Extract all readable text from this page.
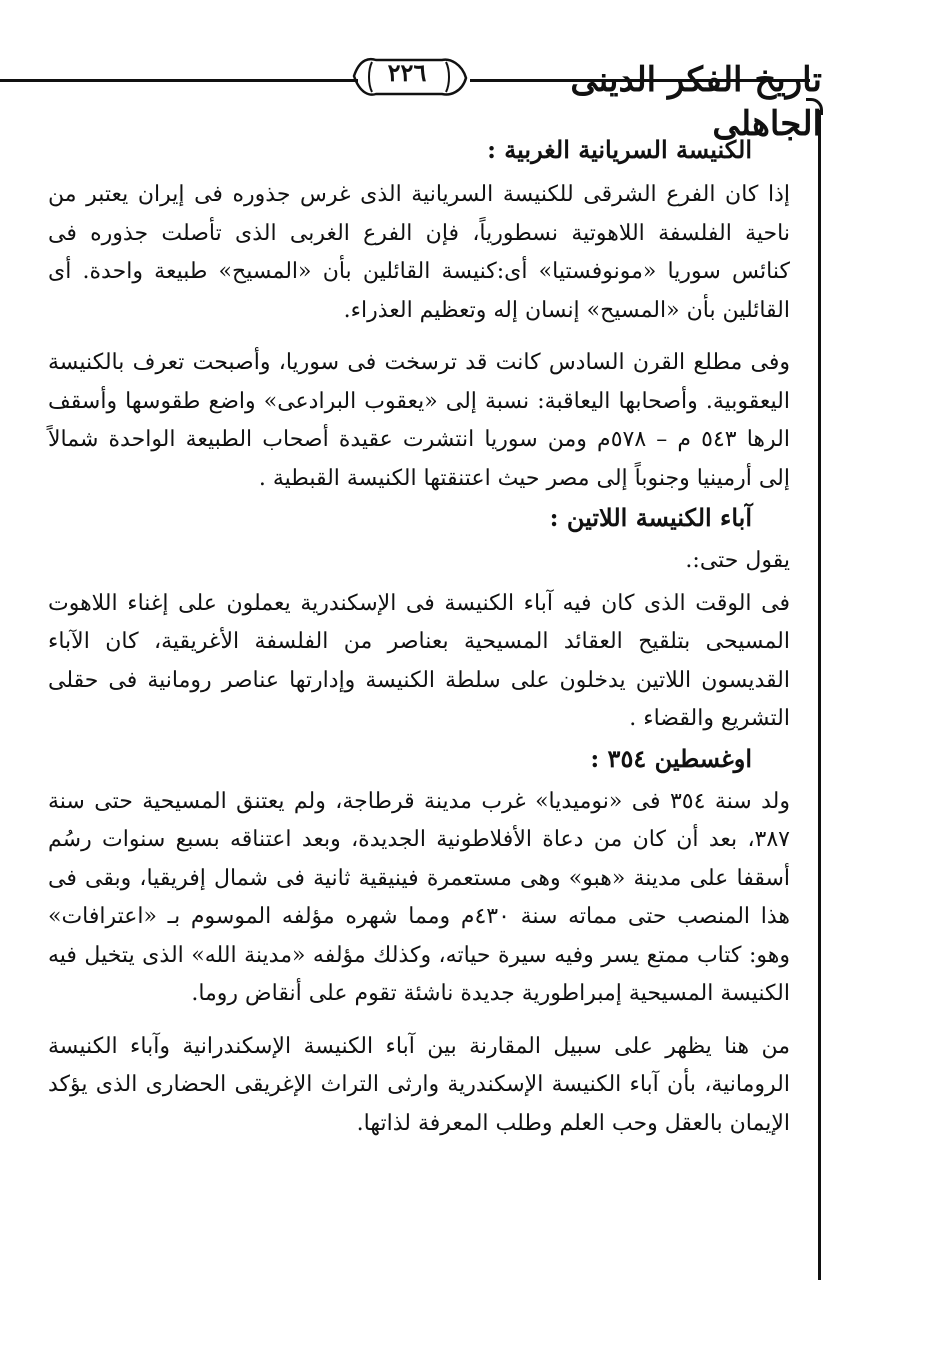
٢٢٦	تاريخ الفكر الدينى الجاهلى

الكنيسة السريانية الغربية :

إذا كان الفرع الشرقى للكنيسة السريانية الذى غرس جذوره فى إيران يعتبر من ناحية الفلسفة اللاهوتية نسطورياً، فإن الفرع الغربى الذى تأصلت جذوره فى كنائس سوريا «مونوفستيا» أى:كنيسة القائلين بأن «المسيح» طبيعة واحدة. أى القائلين بأن «المسيح» إنسان إله وتعظيم العذراء.

وفى مطلع القرن السادس كانت قد ترسخت فى سوريا، وأصبحت تعرف بالكنيسة اليعقوبية. وأصحابها اليعاقبة: نسبة إلى «يعقوب البرادعى» واضع طقوسها وأسقف الرها ٥٤٣ م – ٥٧٨م ومن سوريا انتشرت عقيدة أصحاب الطبيعة الواحدة شمالاً إلى أرمينيا وجنوباً إلى مصر حيث اعتنقتها الكنيسة القبطية .

آباء الكنيسة اللاتين :

يقول حتى:.

فى الوقت الذى كان فيه آباء الكنيسة فى الإسكندرية يعملون على إغناء اللاهوت المسيحى بتلقيح العقائد المسيحية بعناصر من الفلسفة الأغريقية، كان الآباء القديسون اللاتين يدخلون على سلطة الكنيسة وإدارتها عناصر رومانية فى حقلى التشريع والقضاء .

اوغسطين ٣٥٤ :

ولد سنة ٣٥٤ فى «نوميديا» غرب مدينة قرطاجة، ولم يعتنق المسيحية حتى سنة ٣٨٧، بعد أن كان من دعاة الأفلاطونية الجديدة، وبعد اعتناقه بسبع سنوات رسُم أسقفا على مدينة «هبو» وهى مستعمرة فينيقية ثانية فى شمال إفريقيا، وبقى فى هذا المنصب حتى مماته سنة ٤٣٠م ومما شهره مؤلفه الموسوم بـ «اعترافات» وهو: كتاب ممتع يسر وفيه سيرة حياته، وكذلك مؤلفه «مدينة الله» الذى يتخيل فيه الكنيسة المسيحية إمبراطورية جديدة ناشئة تقوم على أنقاض روما.

من هنا يظهر على سبيل المقارنة بين آباء الكنيسة الإسكندرانية وآباء الكنيسة الرومانية، بأن آباء الكنيسة الإسكندرية وارثى التراث الإغريقى الحضارى الذى يؤكد الإيمان بالعقل وحب العلم وطلب المعرفة لذاتها.
